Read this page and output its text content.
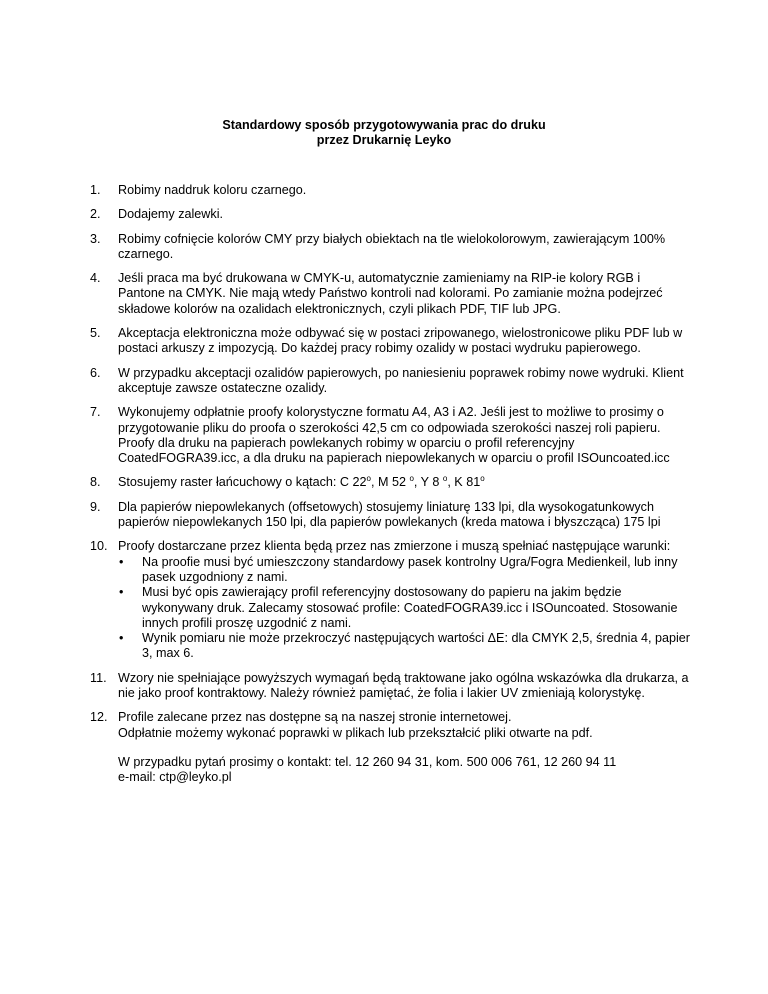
Standardowy sposób przygotowywania prac do druku
przez Drukarnię Leyko
1.	Robimy naddruk koloru czarnego.
2.	Dodajemy zalewki.
3.	Robimy cofnięcie kolorów CMY przy białych obiektach na tle wielokolorowym, zawierającym 100% czarnego.
4.	Jeśli praca ma być drukowana w CMYK-u, automatycznie zamieniamy na RIP-ie kolory RGB i Pantone na CMYK. Nie mają wtedy Państwo kontroli nad kolorami. Po zamianie można podejrzeć składowe kolorów na ozalidach elektronicznych, czyli plikach PDF, TIF lub JPG.
5.	Akceptacja elektroniczna może odbywać się w postaci zripowanego, wielostronicowe pliku PDF lub w postaci arkuszy z impozycją. Do każdej pracy robimy ozalidy w postaci wydruku papierowego.
6.	W przypadku akceptacji ozalidów papierowych, po naniesieniu poprawek robimy nowe wydruki. Klient akceptuje zawsze ostateczne ozalidy.
7.	Wykonujemy odpłatnie proofy kolorystyczne formatu A4, A3 i A2. Jeśli jest to możliwe to prosimy o przygotowanie pliku do proofa o szerokości 42,5 cm co odpowiada szerokości naszej roli papieru. Proofy dla druku na papierach powlekanych robimy w oparciu o profil referencyjny CoatedFOGRA39.icc, a dla druku na papierach niepowlekanych w oparciu o profil ISOuncoated.icc
8.	Stosujemy raster łańcuchowy o kątach: C 22$^o$, M 52 $^o$, Y 8 $^o$, K 81$^o$
9.	Dla papierów niepowlekanych (offsetowych) stosujemy liniaturę 133 lpi, dla wysokogatunkowych papierów niepowlekanych 150 lpi, dla papierów powlekanych (kreda matowa i błyszcząca) 175 lpi
10. Proofy dostarczane przez klienta będą przez nas zmierzone i muszą spełniać następujące warunki:
•	Na proofie musi być umieszczony standardowy pasek kontrolny Ugra/Fogra Medienkeil, lub inny pasek uzgodniony z nami.
•	Musi być opis zawierający profil referencyjny dostosowany do papieru na jakim będzie wykonywany druk. Zalecamy stosować profile: CoatedFOGRA39.icc i ISOuncoated. Stosowanie innych profili proszę uzgodnić z nami.
•	Wynik pomiaru nie może przekroczyć następujących wartości ΔE: dla CMYK 2,5, średnia 4, papier 3, max 6.
11. Wzory nie spełniające powyższych wymagań będą traktowane jako ogólna wskazówka dla drukarza, a nie jako proof kontraktowy. Należy również pamiętać, że folia i lakier UV zmieniają kolorystykę.
12. Profile zalecane przez nas dostępne są na naszej stronie internetowej.

Odpłatnie możemy wykonać poprawki w plikach lub przekształcić pliki otwarte na pdf.

W przypadku pytań prosimy o kontakt: tel. 12 260 94 31, kom. 500 006 761, 12 260 94 11

e-mail: ctp@leyko.pl
